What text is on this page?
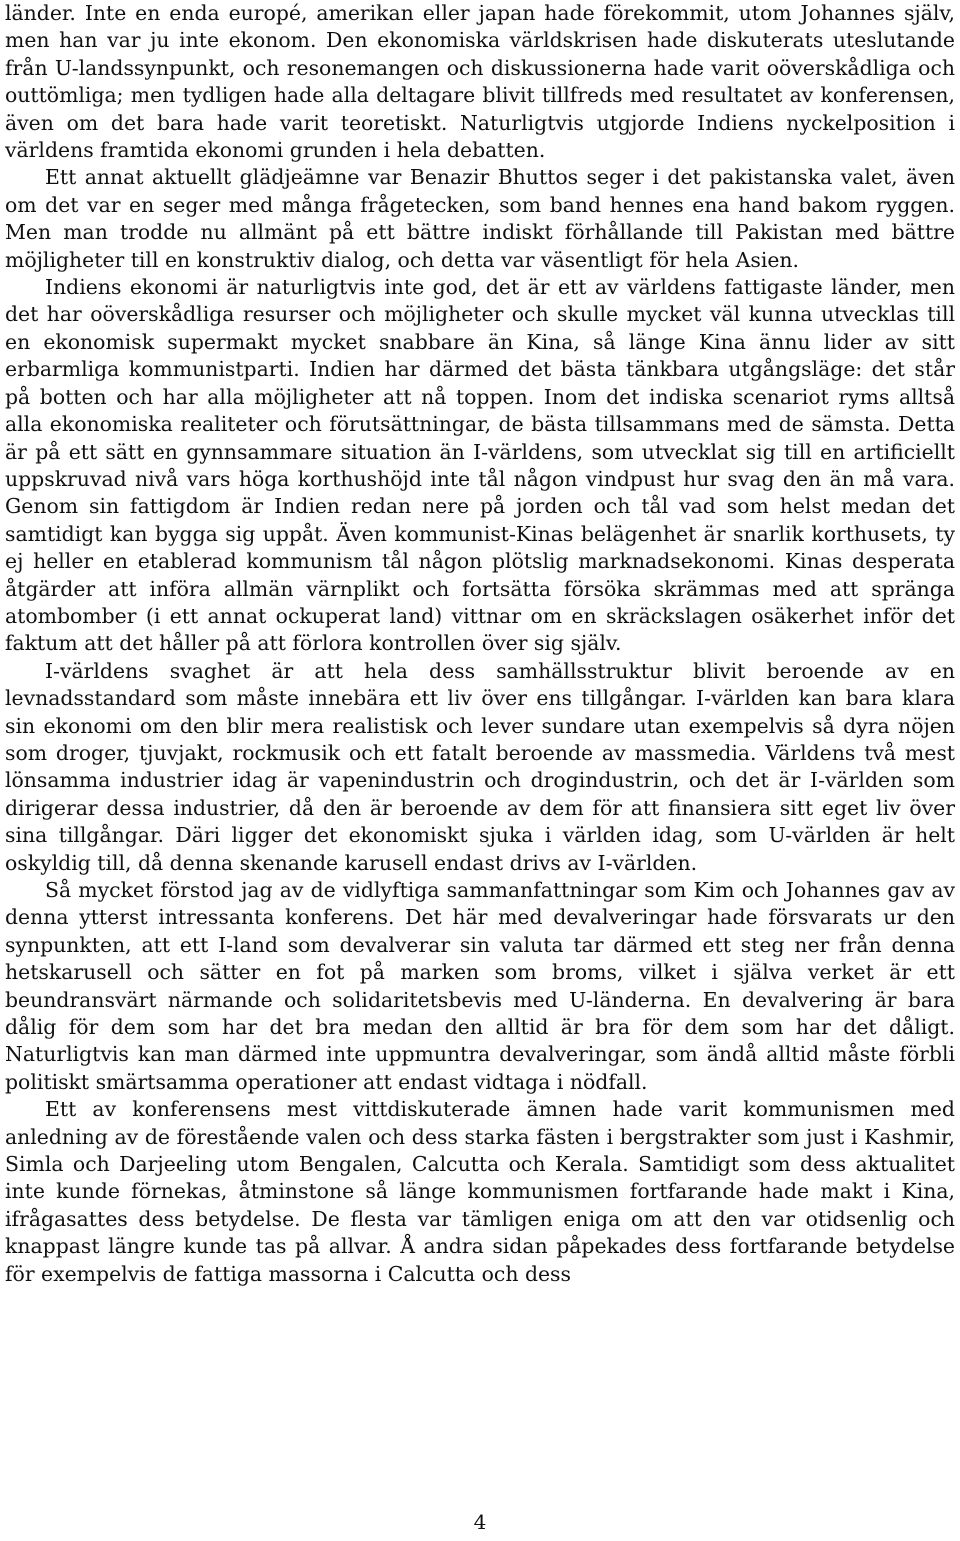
länder. Inte en enda europé, amerikan eller japan hade förekommit, utom Johannes själv, men han var ju inte ekonom. Den ekonomiska världskrisen hade diskuterats uteslutande från U-landssynpunkt, och resonemangen och diskussionerna hade varit oöverskådliga och outtömliga; men tydligen hade alla deltagare blivit tillfreds med resultatet av konferensen, även om det bara hade varit teoretiskt. Naturligtvis utgjorde Indiens nyckelposition i världens framtida ekonomi grunden i hela debatten.

Ett annat aktuellt glädjeämne var Benazir Bhuttos seger i det pakistanska valet, även om det var en seger med många frågetecken, som band hennes ena hand bakom ryggen. Men man trodde nu allmänt på ett bättre indiskt förhållande till Pakistan med bättre möjligheter till en konstruktiv dialog, och detta var väsentligt för hela Asien.

Indiens ekonomi är naturligtvis inte god, det är ett av världens fattigaste länder, men det har oöverskådliga resurser och möjligheter och skulle mycket väl kunna utvecklas till en ekonomisk supermakt mycket snabbare än Kina, så länge Kina ännu lider av sitt erbarmliga kommunistparti. Indien har därmed det bästa tänkbara utgångsläge: det står på botten och har alla möjligheter att nå toppen. Inom det indiska scenariot ryms alltså alla ekonomiska realiteter och förutsättningar, de bästa tillsammans med de sämsta. Detta är på ett sätt en gynnsammare situation än I-världens, som utvecklat sig till en artificiellt uppskruvad nivå vars höga korthushöjd inte tål någon vindpust hur svag den än må vara. Genom sin fattigdom är Indien redan nere på jorden och tål vad som helst medan det samtidigt kan bygga sig uppåt. Även kommunist-Kinas belägenhet är snarlik korthusets, ty ej heller en etablerad kommunism tål någon plötslig marknadsekonomi. Kinas desperata åtgärder att införa allmän värnplikt och fortsätta försöka skrämmas med att spränga atombomber (i ett annat ockuperat land) vittnar om en skräckslagen osäkerhet inför det faktum att det håller på att förlora kontrollen över sig själv.

I-världens svaghet är att hela dess samhällsstruktur blivit beroende av en levnadsstandard som måste innebära ett liv över ens tillgångar. I-världen kan bara klara sin ekonomi om den blir mera realistisk och lever sundare utan exempelvis så dyra nöjen som droger, tjuvjakt, rockmusik och ett fatalt beroende av massmedia. Världens två mest lönsamma industrier idag är vapenindustrin och drogindustrin, och det är I-världen som dirigerar dessa industrier, då den är beroende av dem för att finansiera sitt eget liv över sina tillgångar. Däri ligger det ekonomiskt sjuka i världen idag, som U-världen är helt oskyldig till, då denna skenande karusell endast drivs av I-världen.

Så mycket förstod jag av de vidlyftiga sammanfattningar som Kim och Johannes gav av denna ytterst intressanta konferens. Det här med devalveringar hade försvarats ur den synpunkten, att ett I-land som devalverar sin valuta tar därmed ett steg ner från denna hetskarusell och sätter en fot på marken som broms, vilket i själva verket är ett beundransvärt närmande och solidaritetsbevis med U-länderna. En devalvering är bara dålig för dem som har det bra medan den alltid är bra för dem som har det dåligt. Naturligtvis kan man därmed inte uppmuntra devalveringar, som ändå alltid måste förbli politiskt smärtsamma operationer att endast vidtaga i nödfall.

Ett av konferensens mest vittdiskuterade ämnen hade varit kommunismen med anledning av de förestående valen och dess starka fästen i bergstrakter som just i Kashmir, Simla och Darjeeling utom Bengalen, Calcutta och Kerala. Samtidigt som dess aktualitet inte kunde förnekas, åtminstone så länge kommunismen fortfarande hade makt i Kina, ifrågasattes dess betydelse. De flesta var tämligen eniga om att den var otidsenlig och knappast längre kunde tas på allvar. Å andra sidan påpekades dess fortfarande betydelse för exempelvis de fattiga massorna i Calcutta och dess

4
